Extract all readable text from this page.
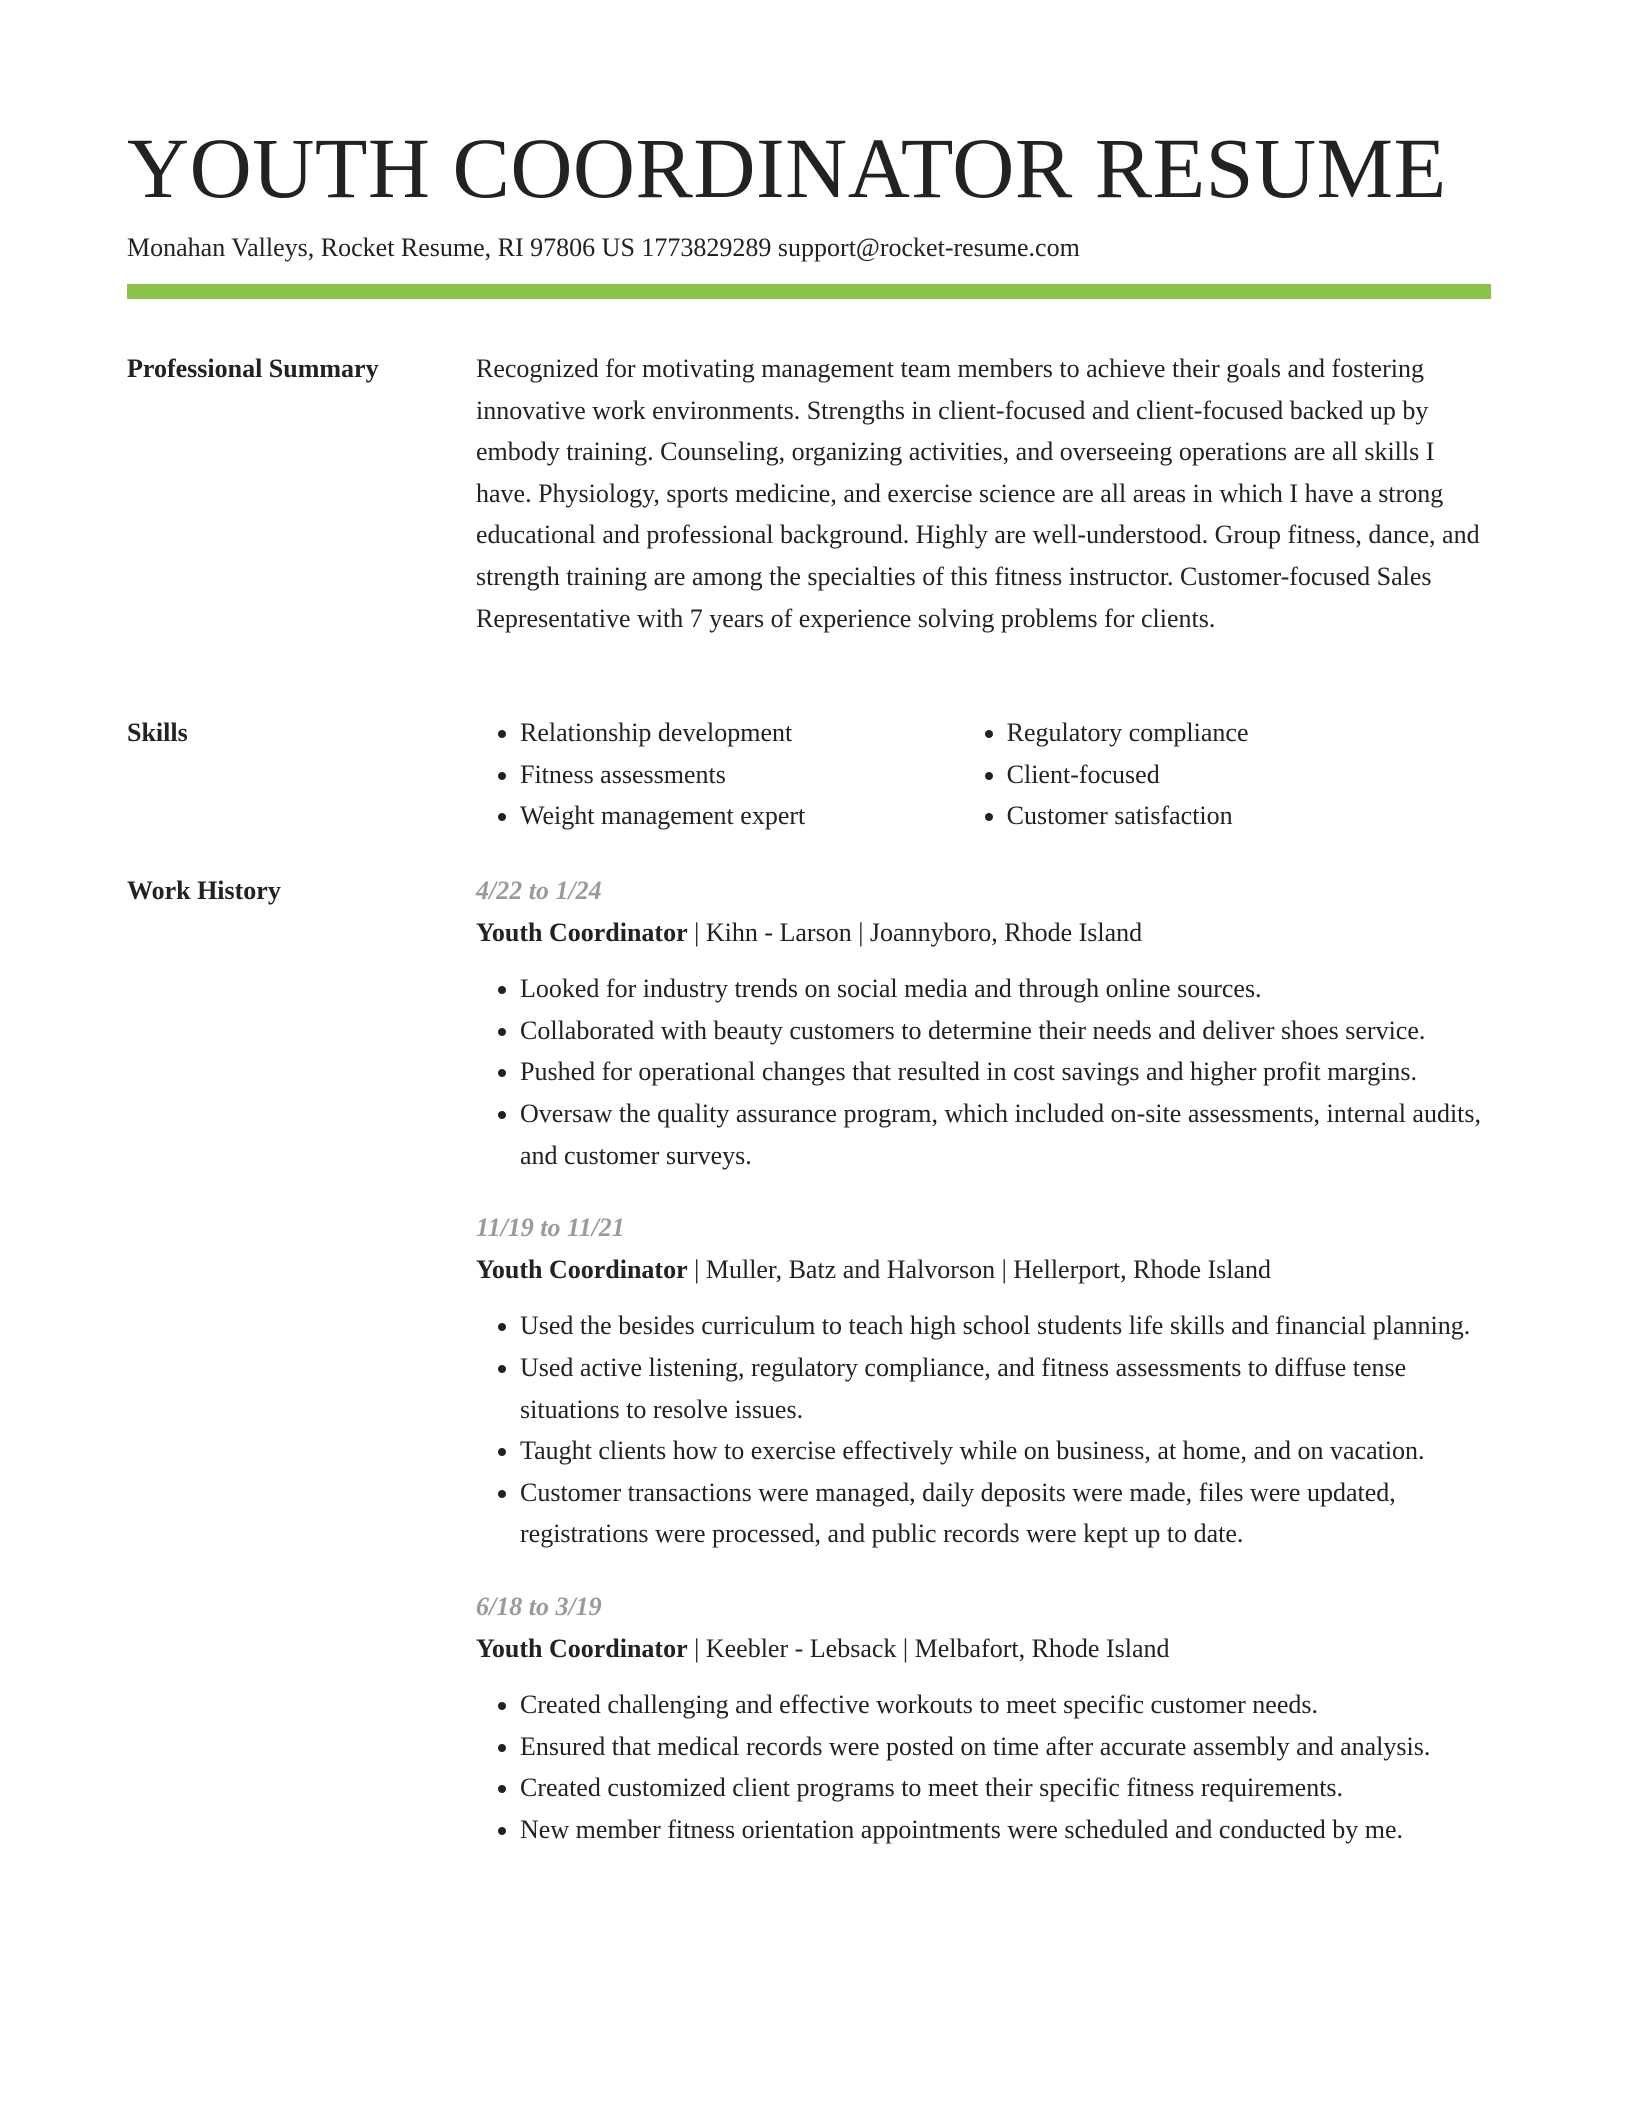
YOUTH COORDINATOR RESUME
Monahan Valleys, Rocket Resume, RI 97806 US 1773829289 support@rocket-resume.com
Professional Summary	Recognized for motivating management team members to achieve their goals and fostering innovative work environments. Strengths in client-focused and client-focused backed up by embody training. Counseling, organizing activities, and overseeing operations are all skills I have. Physiology, sports medicine, and exercise science are all areas in which I have a strong educational and professional background. Highly are well-understood. Group fitness, dance, and strength training are among the specialties of this fitness instructor. Customer-focused Sales Representative with 7 years of experience solving problems for clients.

Skills
•	Relationship development
• Fitness assessments
• Weight management expert
• Regulatory compliance
• Client-focused
• Customer satisfaction
Work History	4/22 to 1/24
Youth Coordinator | Kihn - Larson | Joannyboro, Rhode Island
• Looked for industry trends on social media and through online sources.
• Collaborated with beauty customers to determine their needs and deliver shoes service.
• Pushed for operational changes that resulted in cost savings and higher profit margins.
• Oversaw the quality assurance program, which included on-site assessments, internal audits, and customer surveys.
11/19 to 11/21
Youth Coordinator | Muller, Batz and Halvorson | Hellerport, Rhode Island
• Used the besides curriculum to teach high school students life skills and financial planning.
• Used active listening, regulatory compliance, and fitness assessments to diffuse tense situations to resolve issues.
• Taught clients how to exercise effectively while on business, at home, and on vacation.
• Customer transactions were managed, daily deposits were made, files were updated, registrations were processed, and public records were kept up to date.
6/18 to 3/19
Youth Coordinator | Keebler - Lebsack | Melbafort, Rhode Island
• Created challenging and effective workouts to meet specific customer needs.
• Ensured that medical records were posted on time after accurate assembly and analysis.
• Created customized client programs to meet their specific fitness requirements.
• New member fitness orientation appointments were scheduled and conducted by me.
